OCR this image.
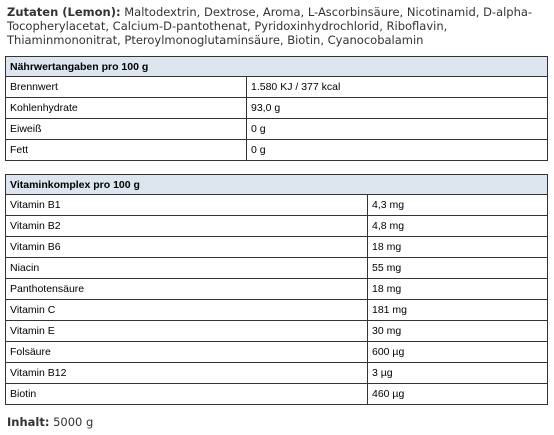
Zutaten (Lemon): Maltodextrin, Dextrose, Aroma, L-Ascorbinsäure, Nicotinamid, D-alpha-Tocopherylacetat, Calcium-D-pantothenat, Pyridoxinhydrochlorid, Riboflavin, Thiaminmononitrat, Pteroylmonoglutaminsäure, Biotin, Cyanocobalamin
Nährwertangaben pro 100 g	
Brennwert	1.580 KJ / 377 kcal
Kohlenhydrate	93,0 g
Eiweiß	0 g
Fett	0 g
Vitaminkomplex pro 100 g	
Vitamin B1	4,3 mg
Vitamin B2	4,8 mg
Vitamin B6	18 mg
Niacin	55 mg
Panthotensäure	18 mg
Vitamin C	181 mg
Vitamin E	30 mg
Folsäure	600 µg
Vitamin B12	3 µg
Biotin	460 µg
Inhalt: 5000 g
